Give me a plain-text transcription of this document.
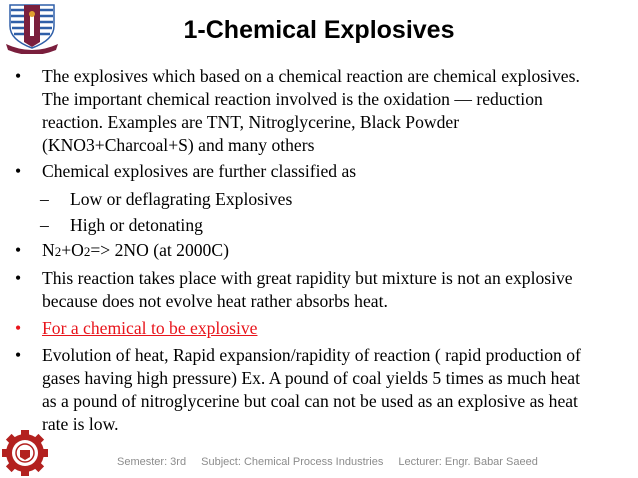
1-Chemical Explosives
• The explosives which based on a chemical reaction are chemical explosives.
The important chemical reaction involved is the oxidation — reduction
reaction. Examples are TNT, Nitroglycerine, Black Powder
(KNO3+Charcoal+S) and many others
• Chemical explosives are further classified as
– Low or deflagrating Explosives
– High or detonating
• N2+O2=> 2NO (at 2000C)
• This reaction takes place with great rapidity but mixture is not an explosive
because does not evolve heat rather absorbs heat.
• For a chemical to be explosive
• Evolution of heat, Rapid expansion/rapidity of reaction ( rapid production of
gases having high pressure) Ex. A pound of coal yields 5 times as much heat
as a pound of nitroglycerine but coal can not be used as an explosive as heat
rate is low.
Semester: 3rd Subject: Chemical Process Industries Lecturer: Engr. Babar Saeed
